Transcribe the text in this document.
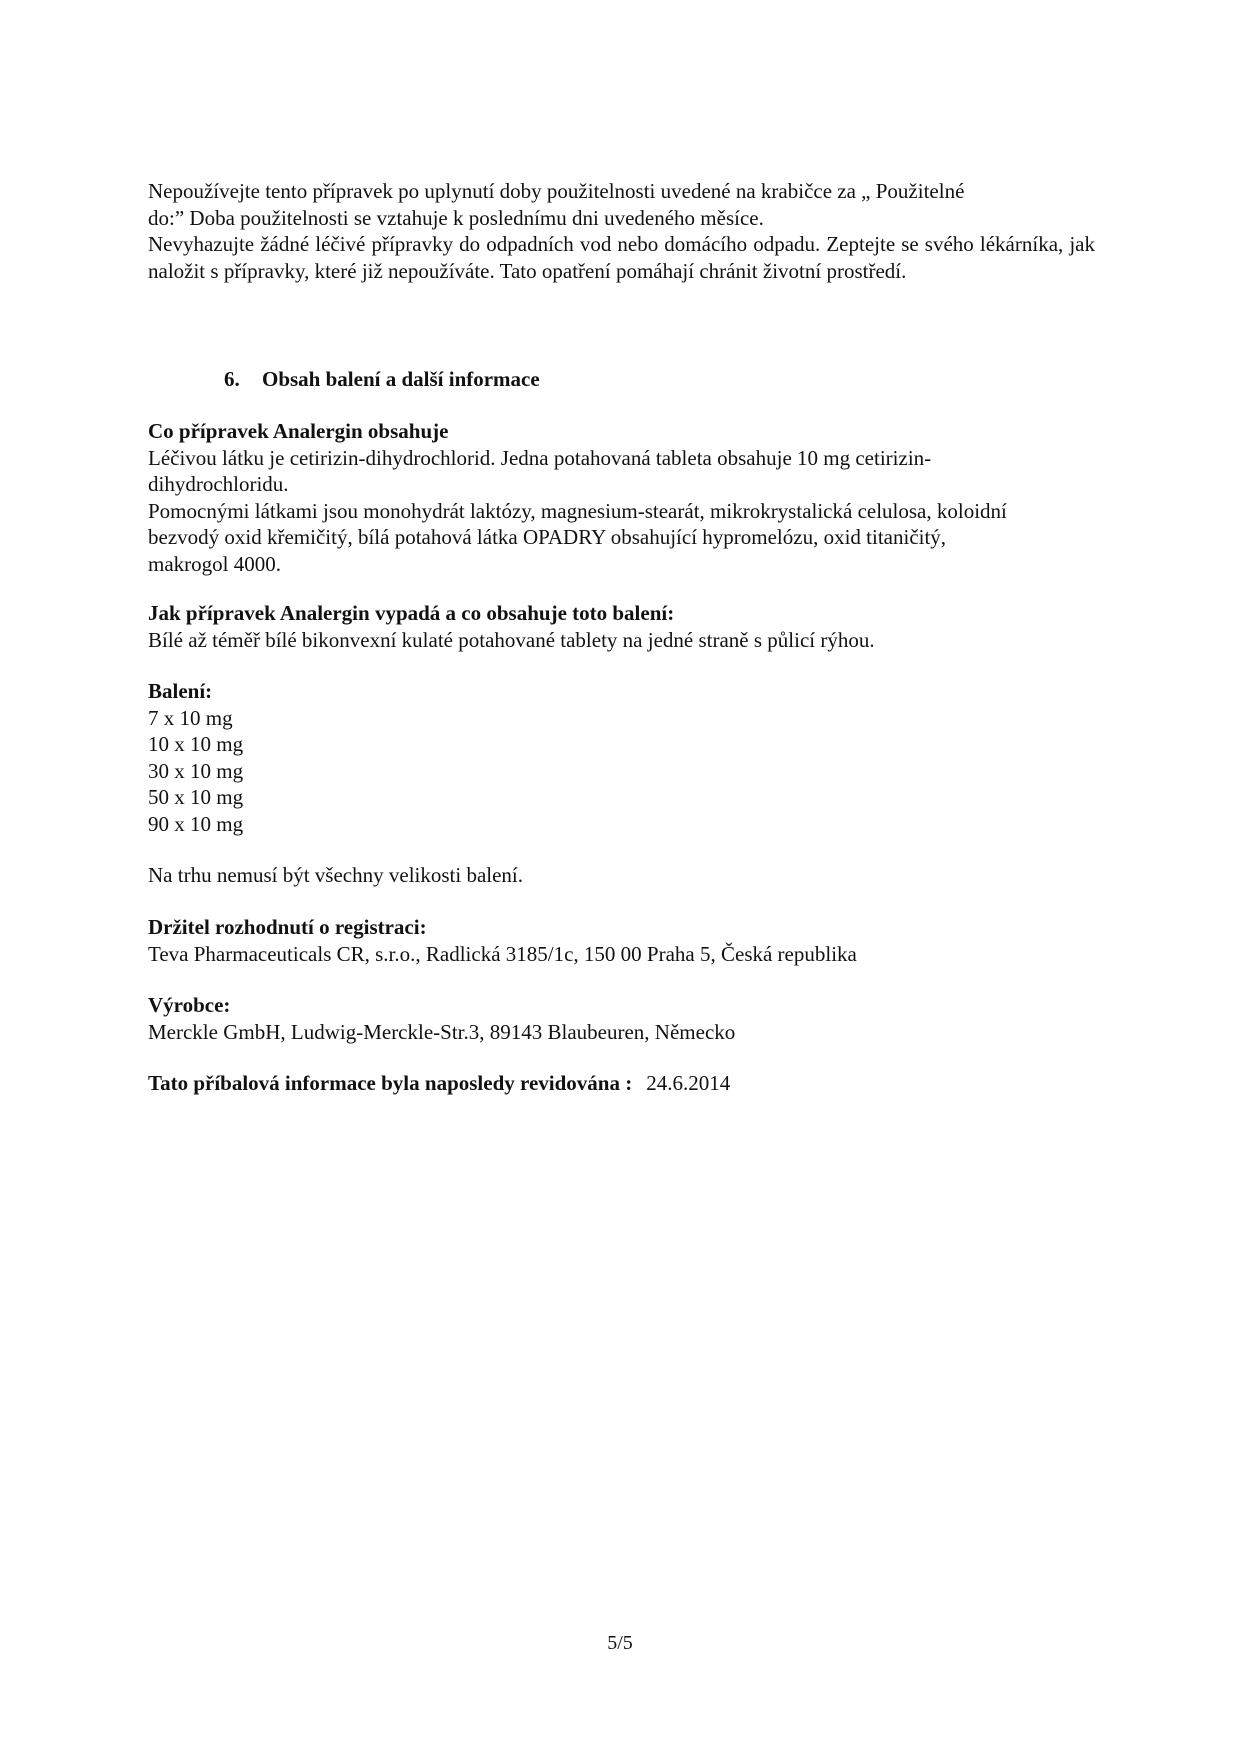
Nepoužívejte tento přípravek po uplynutí doby použitelnosti uvedené na krabičce za „ Použitelné

do:” Doba použitelnosti se vztahuje k poslednímu dni uvedeného měsíce.

Nevyhazujte žádné léčivé přípravky do odpadních vod nebo domácího odpadu. Zeptejte se svého lékárníka, jak naložit s přípravky, které již nepoužíváte. Tato opatření pomáhají chránit životní prostředí.

6. Obsah balení a další informace

Co přípravek Analergin obsahuje

Léčivou látku je cetirizin-dihydrochlorid. Jedna potahovaná tableta obsahuje 10 mg cetirizin-

dihydrochloridu.

Pomocnými látkami jsou monohydrát laktózy, magnesium-stearát, mikrokrystalická celulosa, koloidní

bezvodý oxid křemičitý, bílá potahová látka OPADRY obsahující hypromelózu, oxid titaničitý,

makrogol 4000.

Jak přípravek Analergin vypadá a co obsahuje toto balení:

Bílé až téměř bílé bikonvexní kulaté potahované tablety na jedné straně s půlicí rýhou.

Balení:

7 x 10 mg

10 x 10 mg

30 x 10 mg

50 x 10 mg

90 x 10 mg

Na trhu nemusí být všechny velikosti balení.

Držitel rozhodnutí o registraci:

Teva Pharmaceuticals CR, s.r.o., Radlická 3185/1c, 150 00 Praha 5, Česká republika

Výrobce:

Merckle GmbH, Ludwig-Merckle-Str.3, 89143 Blaubeuren, Německo

Tato příbalová informace byla naposledy revidována : 24.6.2014

5/5
